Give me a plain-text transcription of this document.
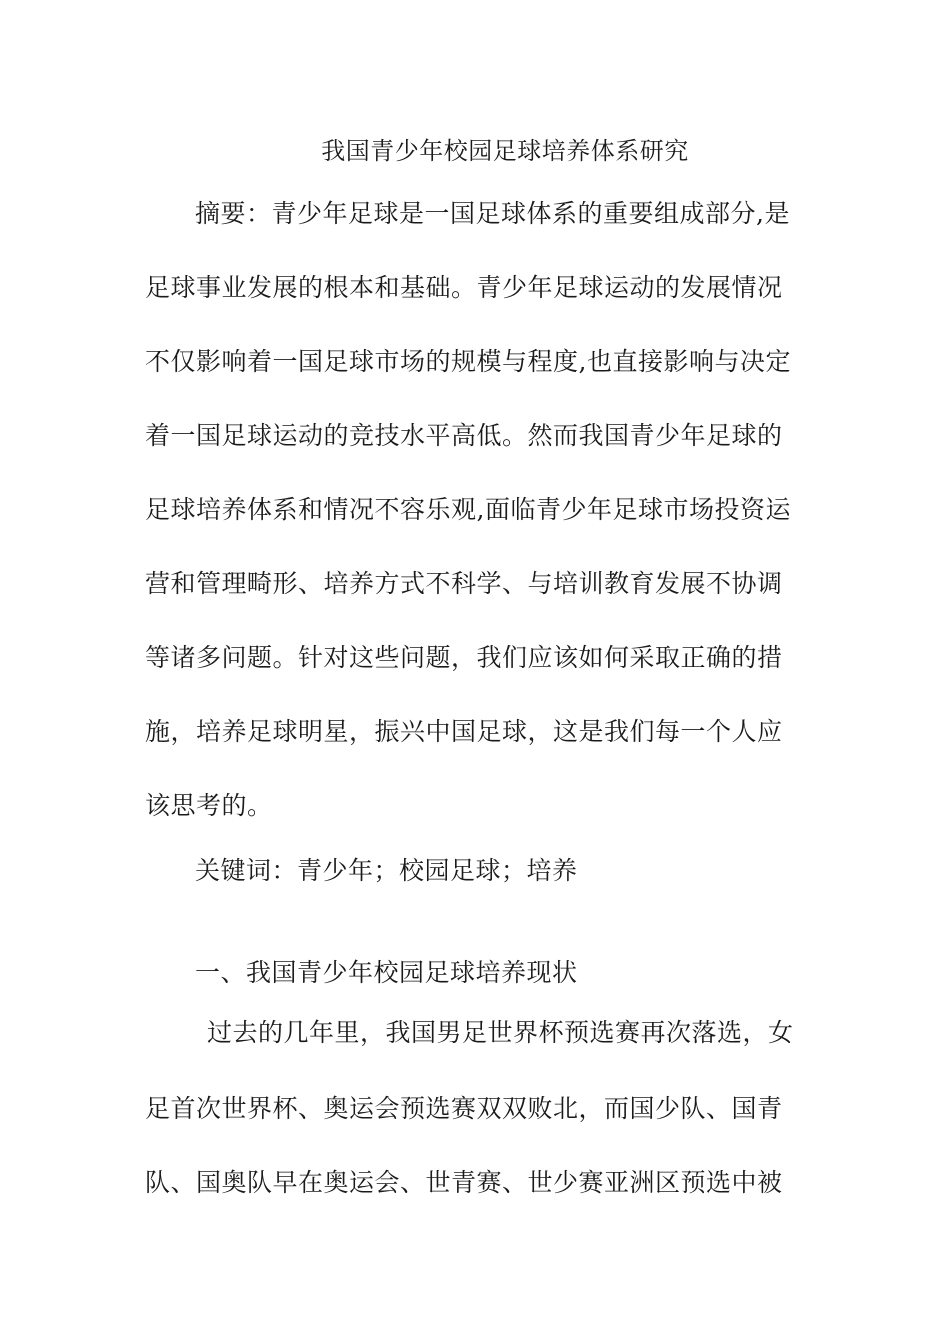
我国青少年校园足球培养体系研究
摘要：青少年足球是一国足球体系的重要组成部分,是
足球事业发展的根本和基础。青少年足球运动的发展情况
不仅影响着一国足球市场的规模与程度,也直接影响与决定
着一国足球运动的竞技水平高低。然而我国青少年足球的
足球培养体系和情况不容乐观,面临青少年足球市场投资运
营和管理畸形、培养方式不科学、与培训教育发展不协调
等诸多问题。针对这些问题，我们应该如何采取正确的措
施，培养足球明星，振兴中国足球，这是我们每一个人应
该思考的。
关键词：青少年；校园足球；培养
一、我国青少年校园足球培养现状
过去的几年里，我国男足世界杯预选赛再次落选，女
足首次世界杯、奥运会预选赛双双败北，而国少队、国青
队、国奥队早在奥运会、世青赛、世少赛亚洲区预选中被
